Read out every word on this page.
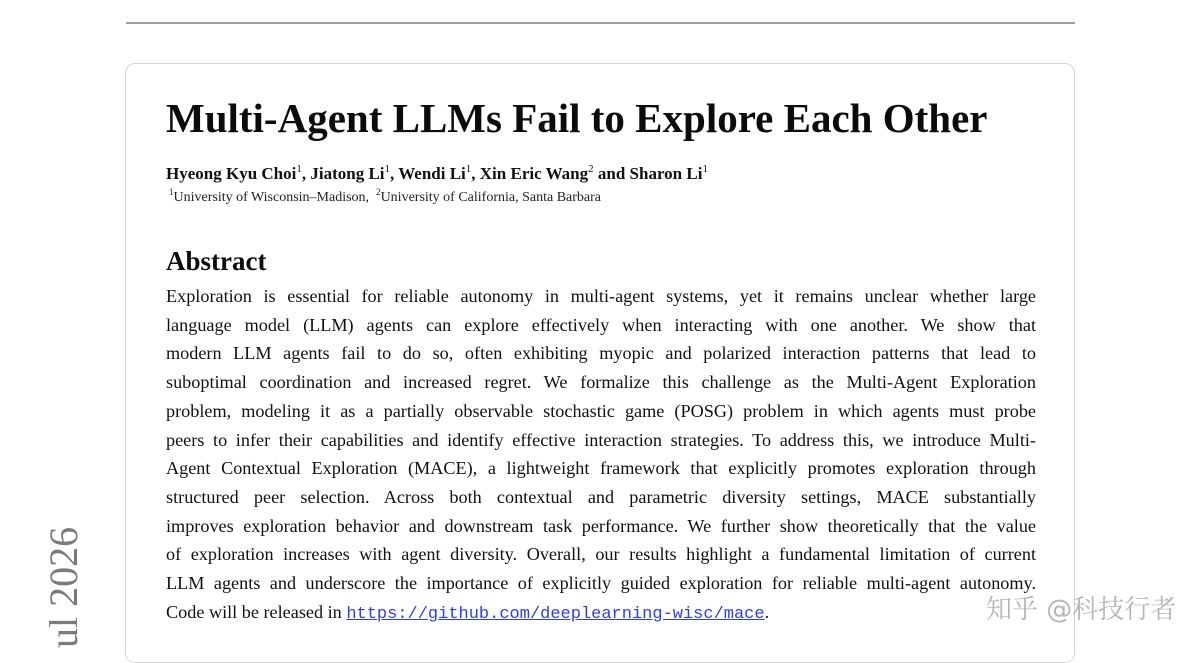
Multi-Agent LLMs Fail to Explore Each Other
Hyeong Kyu Choi$^1$, Jiatong Li$^1$, Wendi Li$^1$, Xin Eric Wang$^2$ and Sharon Li$^1$
$^1$University of Wisconsin–Madison, $^2$University of California, Santa Barbara
Abstract
Exploration is essential for reliable autonomy in multi-agent systems, yet it remains unclear whether large
language model (LLM) agents can explore effectively when interacting with one another. We show that
modern LLM agents fail to do so, often exhibiting myopic and polarized interaction patterns that lead to
suboptimal coordination and increased regret. We formalize this challenge as the Multi-Agent Exploration
problem, modeling it as a partially observable stochastic game (POSG) problem in which agents must probe
peers to infer their capabilities and identify effective interaction strategies. To address this, we introduce Multi-
Agent Contextual Exploration (MACE), a lightweight framework that explicitly promotes exploration through
structured peer selection. Across both contextual and parametric diversity settings, MACE substantially
improves exploration behavior and downstream task performance. We further show theoretically that the value
of exploration increases with agent diversity. Overall, our results highlight a fundamental limitation of current
LLM agents and underscore the importance of explicitly guided exploration for reliable multi-agent autonomy.
Code will be released in https://github.com/deeplearning-wisc/mace.
ul 2026	知乎 @科技行者
